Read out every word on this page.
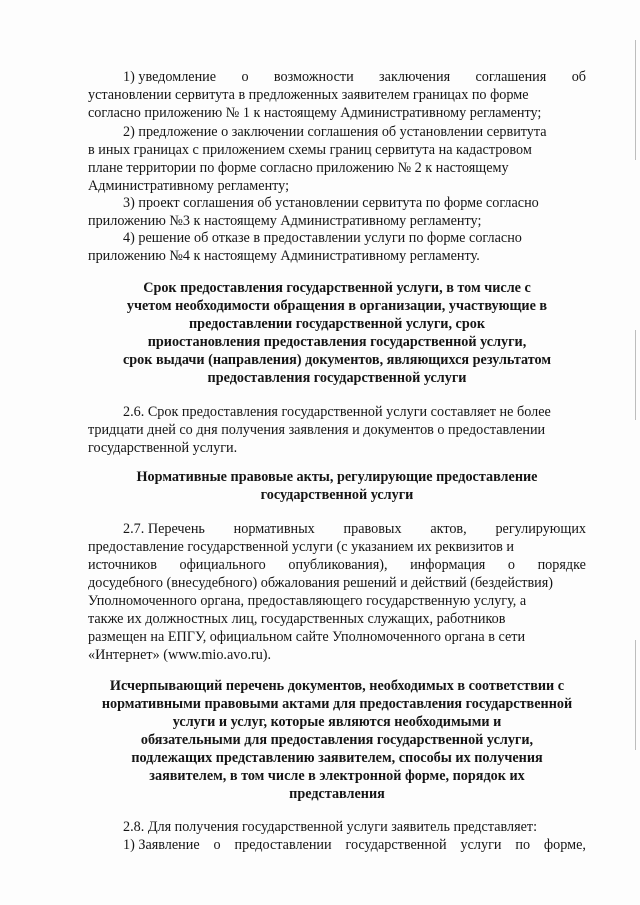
1) уведомление о возможности заключения соглашения об
установлении сервитута в предложенных заявителем границах по форме
согласно приложению № 1 к настоящему Административному регламенту;
2) предложение о заключении соглашения об установлении сервитута
в иных границах с приложением схемы границ сервитута на кадастровом
плане территории по форме согласно приложению № 2 к настоящему
Административному регламенту;
3) проект соглашения об установлении сервитута по форме согласно
приложению №3 к настоящему Административному регламенту;
4) решение об отказе в предоставлении услуги по форме согласно
приложению №4 к настоящему Административному регламенту.
Срок предоставления государственной услуги, в том числе с
учетом необходимости обращения в организации, участвующие в
предоставлении государственной услуги, срок
приостановления предоставления государственной услуги,
срок выдачи (направления) документов, являющихся результатом
предоставления государственной услуги
2.6. Срок предоставления государственной услуги составляет не более
тридцати дней со дня получения заявления и документов о предоставлении
государственной услуги.
Нормативные правовые акты, регулирующие предоставление
государственной услуги
2.7. Перечень нормативных правовых актов, регулирующих
предоставление государственной услуги (с указанием их реквизитов и
источников официального опубликования), информация о порядке
досудебного (внесудебного) обжалования решений и действий (бездействия)
Уполномоченного органа, предоставляющего государственную услугу, а
также их должностных лиц, государственных служащих, работников
размещен на ЕПГУ, официальном сайте Уполномоченного органа в сети
«Интернет» (www.mio.avo.ru).
Исчерпывающий перечень документов, необходимых в соответствии с
нормативными правовыми актами для предоставления государственной
услуги и услуг, которые являются необходимыми и
обязательными для предоставления государственной услуги,
подлежащих представлению заявителем, способы их получения
заявителем, в том числе в электронной форме, порядок их
представления
2.8. Для получения государственной услуги заявитель представляет:
1) Заявление о предоставлении государственной услуги по форме,
